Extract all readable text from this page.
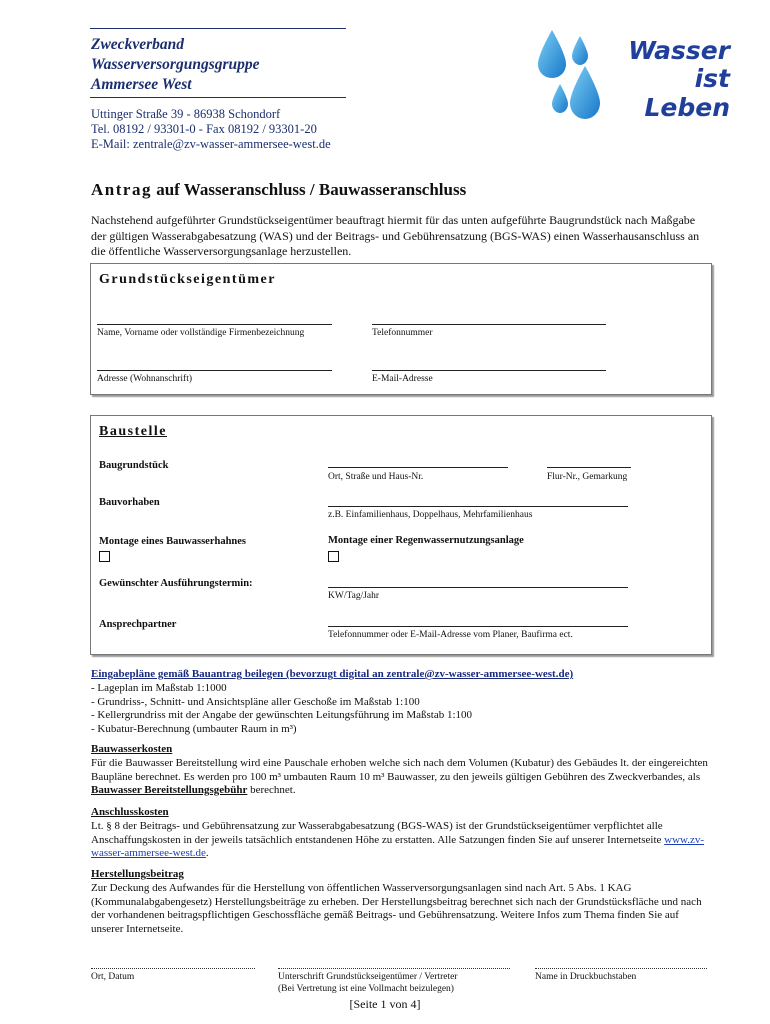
Zweckverband
Wasserversorgungsgruppe
Ammersee West
Uttinger Straße 39 - 86938 Schondorf
Tel. 08192 / 93301-0 - Fax 08192 / 93301-20
E-Mail: zentrale@zv-wasser-ammersee-west.de
Wasser
ist
Leben
Antrag auf Wasseranschluss / Bauwasseranschluss
Nachstehend aufgeführter Grundstückseigentümer beauftragt hiermit für das unten aufgeführte Baugrundstück nach Maßgabe der gültigen Wasserabgabesatzung (WAS) und der Beitrags- und Gebührensatzung (BGS-WAS) einen Wasserhausanschluss an die öffentliche Wasserversorgungsanlage herzustellen.
Grundstückseigentümer
Name, Vorname oder vollständige Firmenbezeichnung	Telefonnummer
Adresse (Wohnanschrift)	E-Mail-Adresse
Baustelle
Baugrundstück
Ort, Straße und Haus-Nr.	Flur-Nr., Gemarkung
Bauvorhaben
z.B. Einfamilienhaus, Doppelhaus, Mehrfamilienhaus
Montage eines Bauwasserhahnes	Montage einer Regenwassernutzungsanlage
Gewünschter Ausführungstermin:
KW/Tag/Jahr
Ansprechpartner
Telefonnummer oder E-Mail-Adresse vom Planer, Baufirma ect.
Eingabepläne gemäß Bauantrag beilegen (bevorzugt digital an zentrale@zv-wasser-ammersee-west.de)
- Lageplan im Maßstab 1:1000
- Grundriss-, Schnitt- und Ansichtspläne aller Geschoße im Maßstab 1:100
- Kellergrundriss mit der Angabe der gewünschten Leitungsführung im Maßstab 1:100
- Kubatur-Berechnung (umbauter Raum in m³)
Bauwasserkosten
Für die Bauwasser Bereitstellung wird eine Pauschale erhoben welche sich nach dem Volumen (Kubatur) des Gebäudes lt. der eingereichten Baupläne berechnet. Es werden pro 100 m³ umbauten Raum 10 m³ Bauwasser, zu den jeweils gültigen Gebühren des Zweckverbandes, als Bauwasser Bereitstellungsgebühr berechnet.
Anschlusskosten
Lt. § 8 der Beitrags- und Gebührensatzung zur Wasserabgabesatzung (BGS-WAS) ist der Grundstückseigentümer verpflichtet alle Anschaffungskosten in der jeweils tatsächlich entstandenen Höhe zu erstatten. Alle Satzungen finden Sie auf unserer Internetseite www.zv-wasser-ammersee-west.de.
Herstellungsbeitrag
Zur Deckung des Aufwandes für die Herstellung von öffentlichen Wasserversorgungsanlagen sind nach Art. 5 Abs. 1 KAG (Kommunalabgabengesetz) Herstellungsbeiträge zu erheben. Der Herstellungsbeitrag berechnet sich nach der Grundstücksfläche und nach der vorhandenen beitragspflichtigen Geschossfläche gemäß Beitrags- und Gebührensatzung. Weitere Infos zum Thema finden Sie auf unserer Internetseite.
Ort, Datum	Unterschrift Grundstückseigentümer / Vertreter
(Bei Vertretung ist eine Vollmacht beizulegen)
Name in Druckbuchstaben
[Seite 1 von 4]
